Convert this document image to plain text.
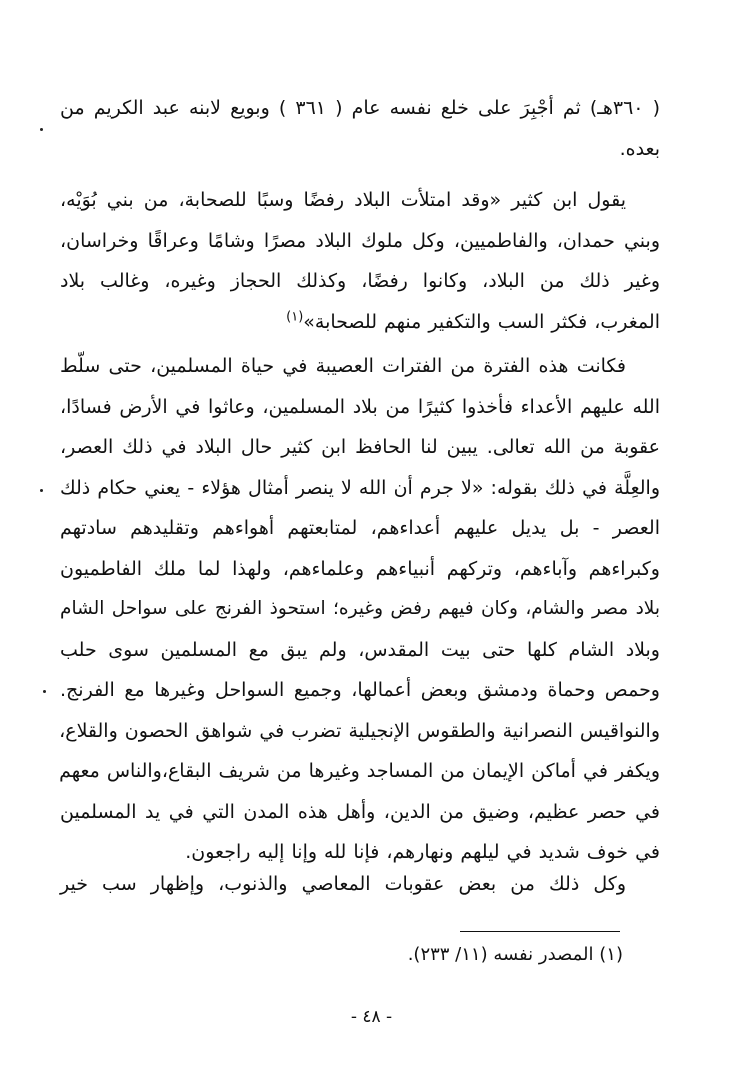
( ٣٦٠هـ) ثم أجْبِرَ على خلع نفسه عام ( ٣٦١ ) وبويع لابنه عبد الكريم من
بعده.
يقول ابن كثير «وقد امتلأت البلاد رفضًا وسبًا للصحابة، من بني بُوَيْه،
وبني حمدان، والفاطميين، وكل ملوك البلاد مصرًا وشامًا وعراقًا وخراسان،
وغير ذلك من البلاد، وكانوا رفضًا، وكذلك الحجاز وغيره، وغالب بلاد
المغرب، فكثر السب والتكفير منهم للصحابة»$^{(١)}$
فكانت هذه الفترة من الفترات العصيبة في حياة المسلمين، حتى سلّط
الله عليهم الأعداء فأخذوا كثيرًا من بلاد المسلمين، وعاثوا في الأرض فسادًا،
عقوبة من الله تعالى. يبين لنا الحافظ ابن كثير حال البلاد في ذلك العصر،
والعِلَّة في ذلك بقوله: «لا جرم أن الله لا ينصر أمثال هؤلاء - يعني حكام ذلك
العصر - بل يديل عليهم أعداءهم، لمتابعتهم أهواءهم وتقليدهم سادتهم
وكبراءهم وآباءهم، وتركهم أنبياءهم وعلماءهم، ولهذا لما ملك الفاطميون
بلاد مصر والشام، وكان فيهم رفض وغيره؛ استحوذ الفرنج على سواحل الشام
وبلاد الشام كلها حتى بيت المقدس، ولم يبق مع المسلمين سوى حلب
وحمص وحماة ودمشق وبعض أعمالها، وجميع السواحل وغيرها مع الفرنج.
والنواقيس النصرانية والطقوس الإنجيلية تضرب في شواهق الحصون والقلاع،
ويكفر في أماكن الإيمان من المساجد وغيرها من شريف البقاع،والناس معهم
في حصر عظيم، وضيق من الدين، وأهل هذه المدن التي في يد المسلمين
في خوف شديد في ليلهم ونهارهم، فإنا لله وإنا إليه راجعون.
وكل ذلك من بعض عقوبات المعاصي والذنوب، وإظهار سب خير
(١) المصدر نفسه (١١/ ٢٣٣).
- ٤٨ -
